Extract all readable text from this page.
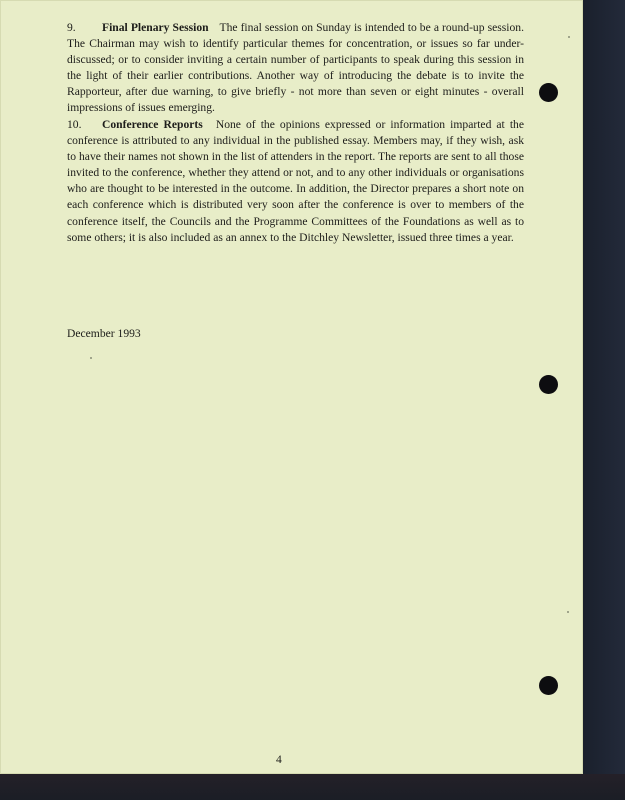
9. Final Plenary Session The final session on Sunday is intended to be a round-up session. The Chairman may wish to identify particular themes for concentration, or issues so far under-discussed; or to consider inviting a certain number of participants to speak during this session in the light of their earlier contributions. Another way of introducing the debate is to invite the Rapporteur, after due warning, to give briefly - not more than seven or eight minutes - overall impressions of issues emerging.

10. Conference Reports None of the opinions expressed or information imparted at the conference is attributed to any individual in the published essay. Members may, if they wish, ask to have their names not shown in the list of attenders in the report. The reports are sent to all those invited to the conference, whether they attend or not, and to any other individuals or organisations who are thought to be interested in the outcome. In addition, the Director prepares a short note on each conference which is distributed very soon after the conference is over to members of the conference itself, the Councils and the Programme Committees of the Foundations as well as to some others; it is also included as an annex to the Ditchley Newsletter, issued three times a year.

December 1993
4
